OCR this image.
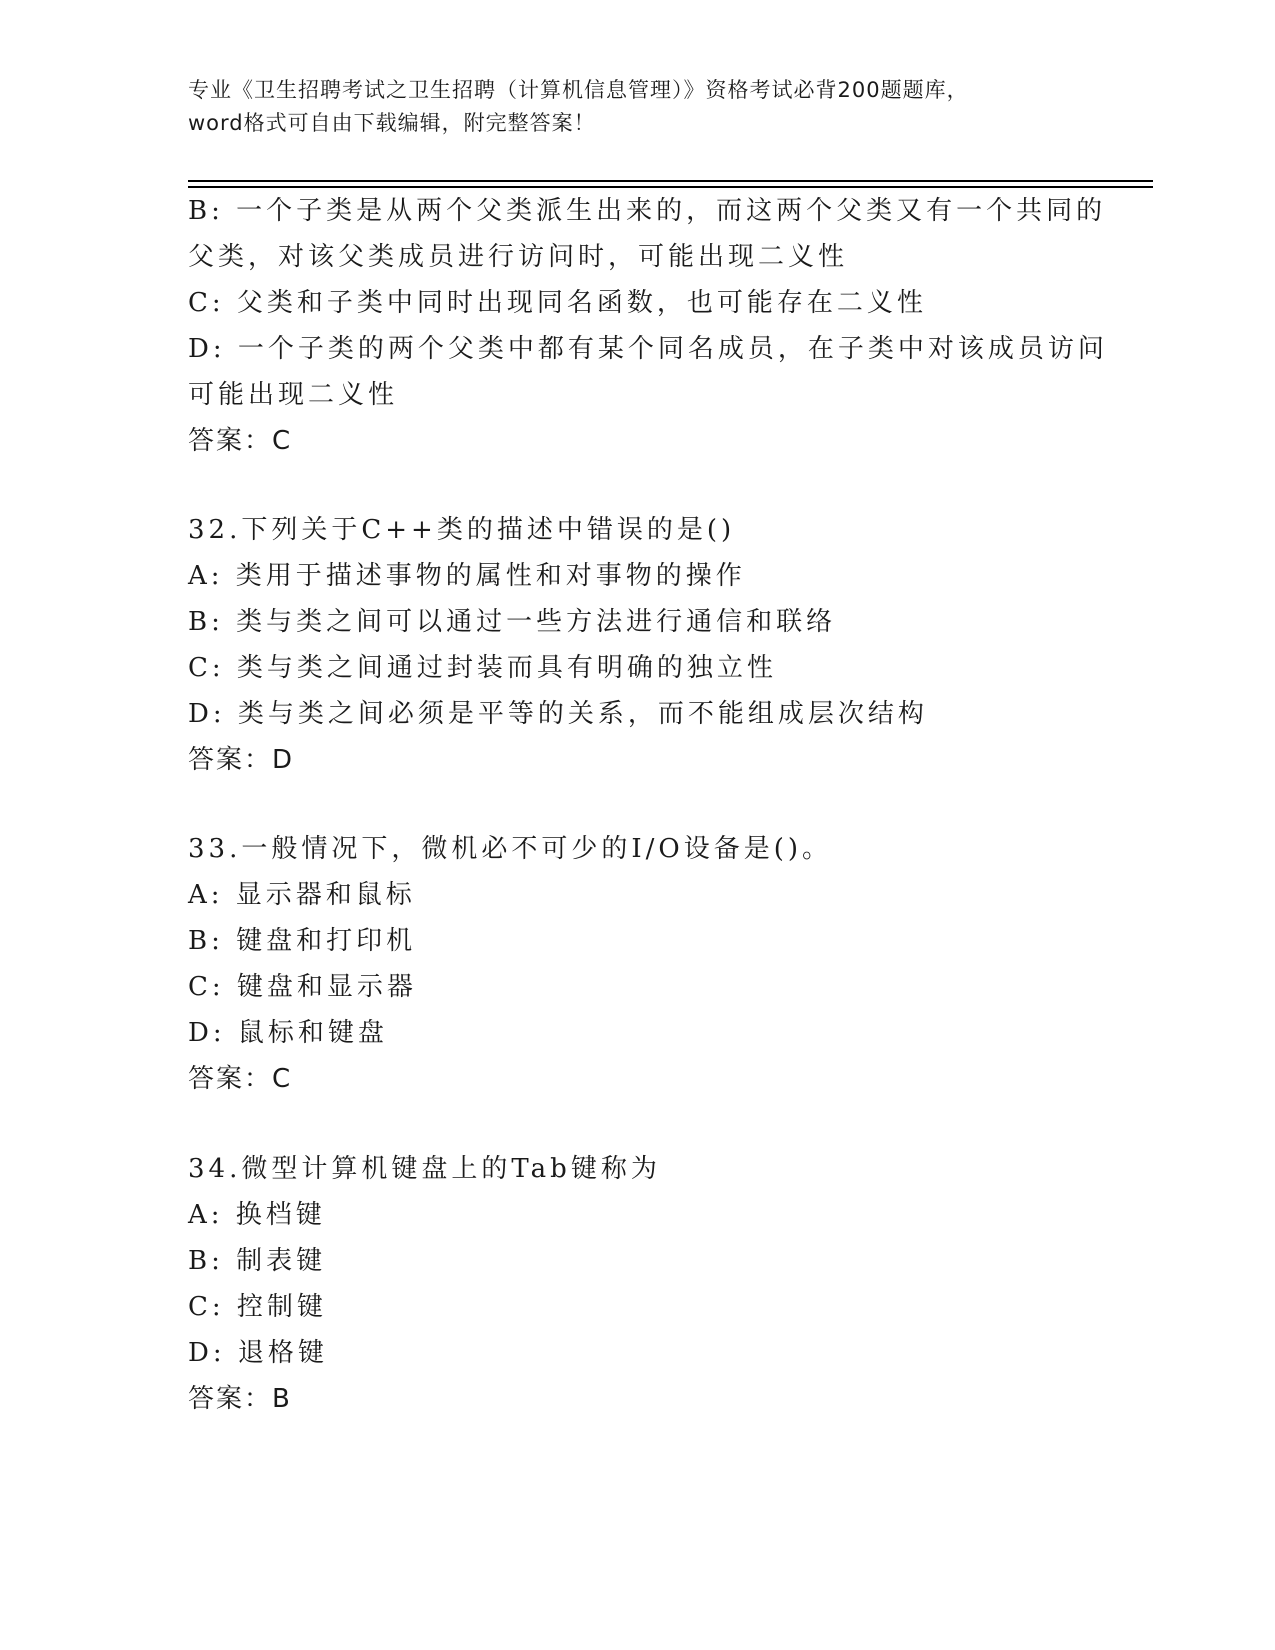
专业《卫生招聘考试之卫生招聘（计算机信息管理）》资格考试必背200题题库，
word格式可自由下载编辑，附完整答案！
B: 一个子类是从两个父类派生出来的，而这两个父类又有一个共同的
父类，对该父类成员进行访问时，可能出现二义性
C: 父类和子类中同时出现同名函数，也可能存在二义性
D: 一个子类的两个父类中都有某个同名成员，在子类中对该成员访问
可能出现二义性
答案：C
32.下列关于C++类的描述中错误的是()
A: 类用于描述事物的属性和对事物的操作
B: 类与类之间可以通过一些方法进行通信和联络
C: 类与类之间通过封装而具有明确的独立性
D: 类与类之间必须是平等的关系，而不能组成层次结构
答案：D
33.一般情况下，微机必不可少的I/O设备是()。
A: 显示器和鼠标
B: 键盘和打印机
C: 键盘和显示器
D: 鼠标和键盘
答案：C
34.微型计算机键盘上的Tab键称为
A: 换档键
B: 制表键
C: 控制键
D: 退格键
答案：B
